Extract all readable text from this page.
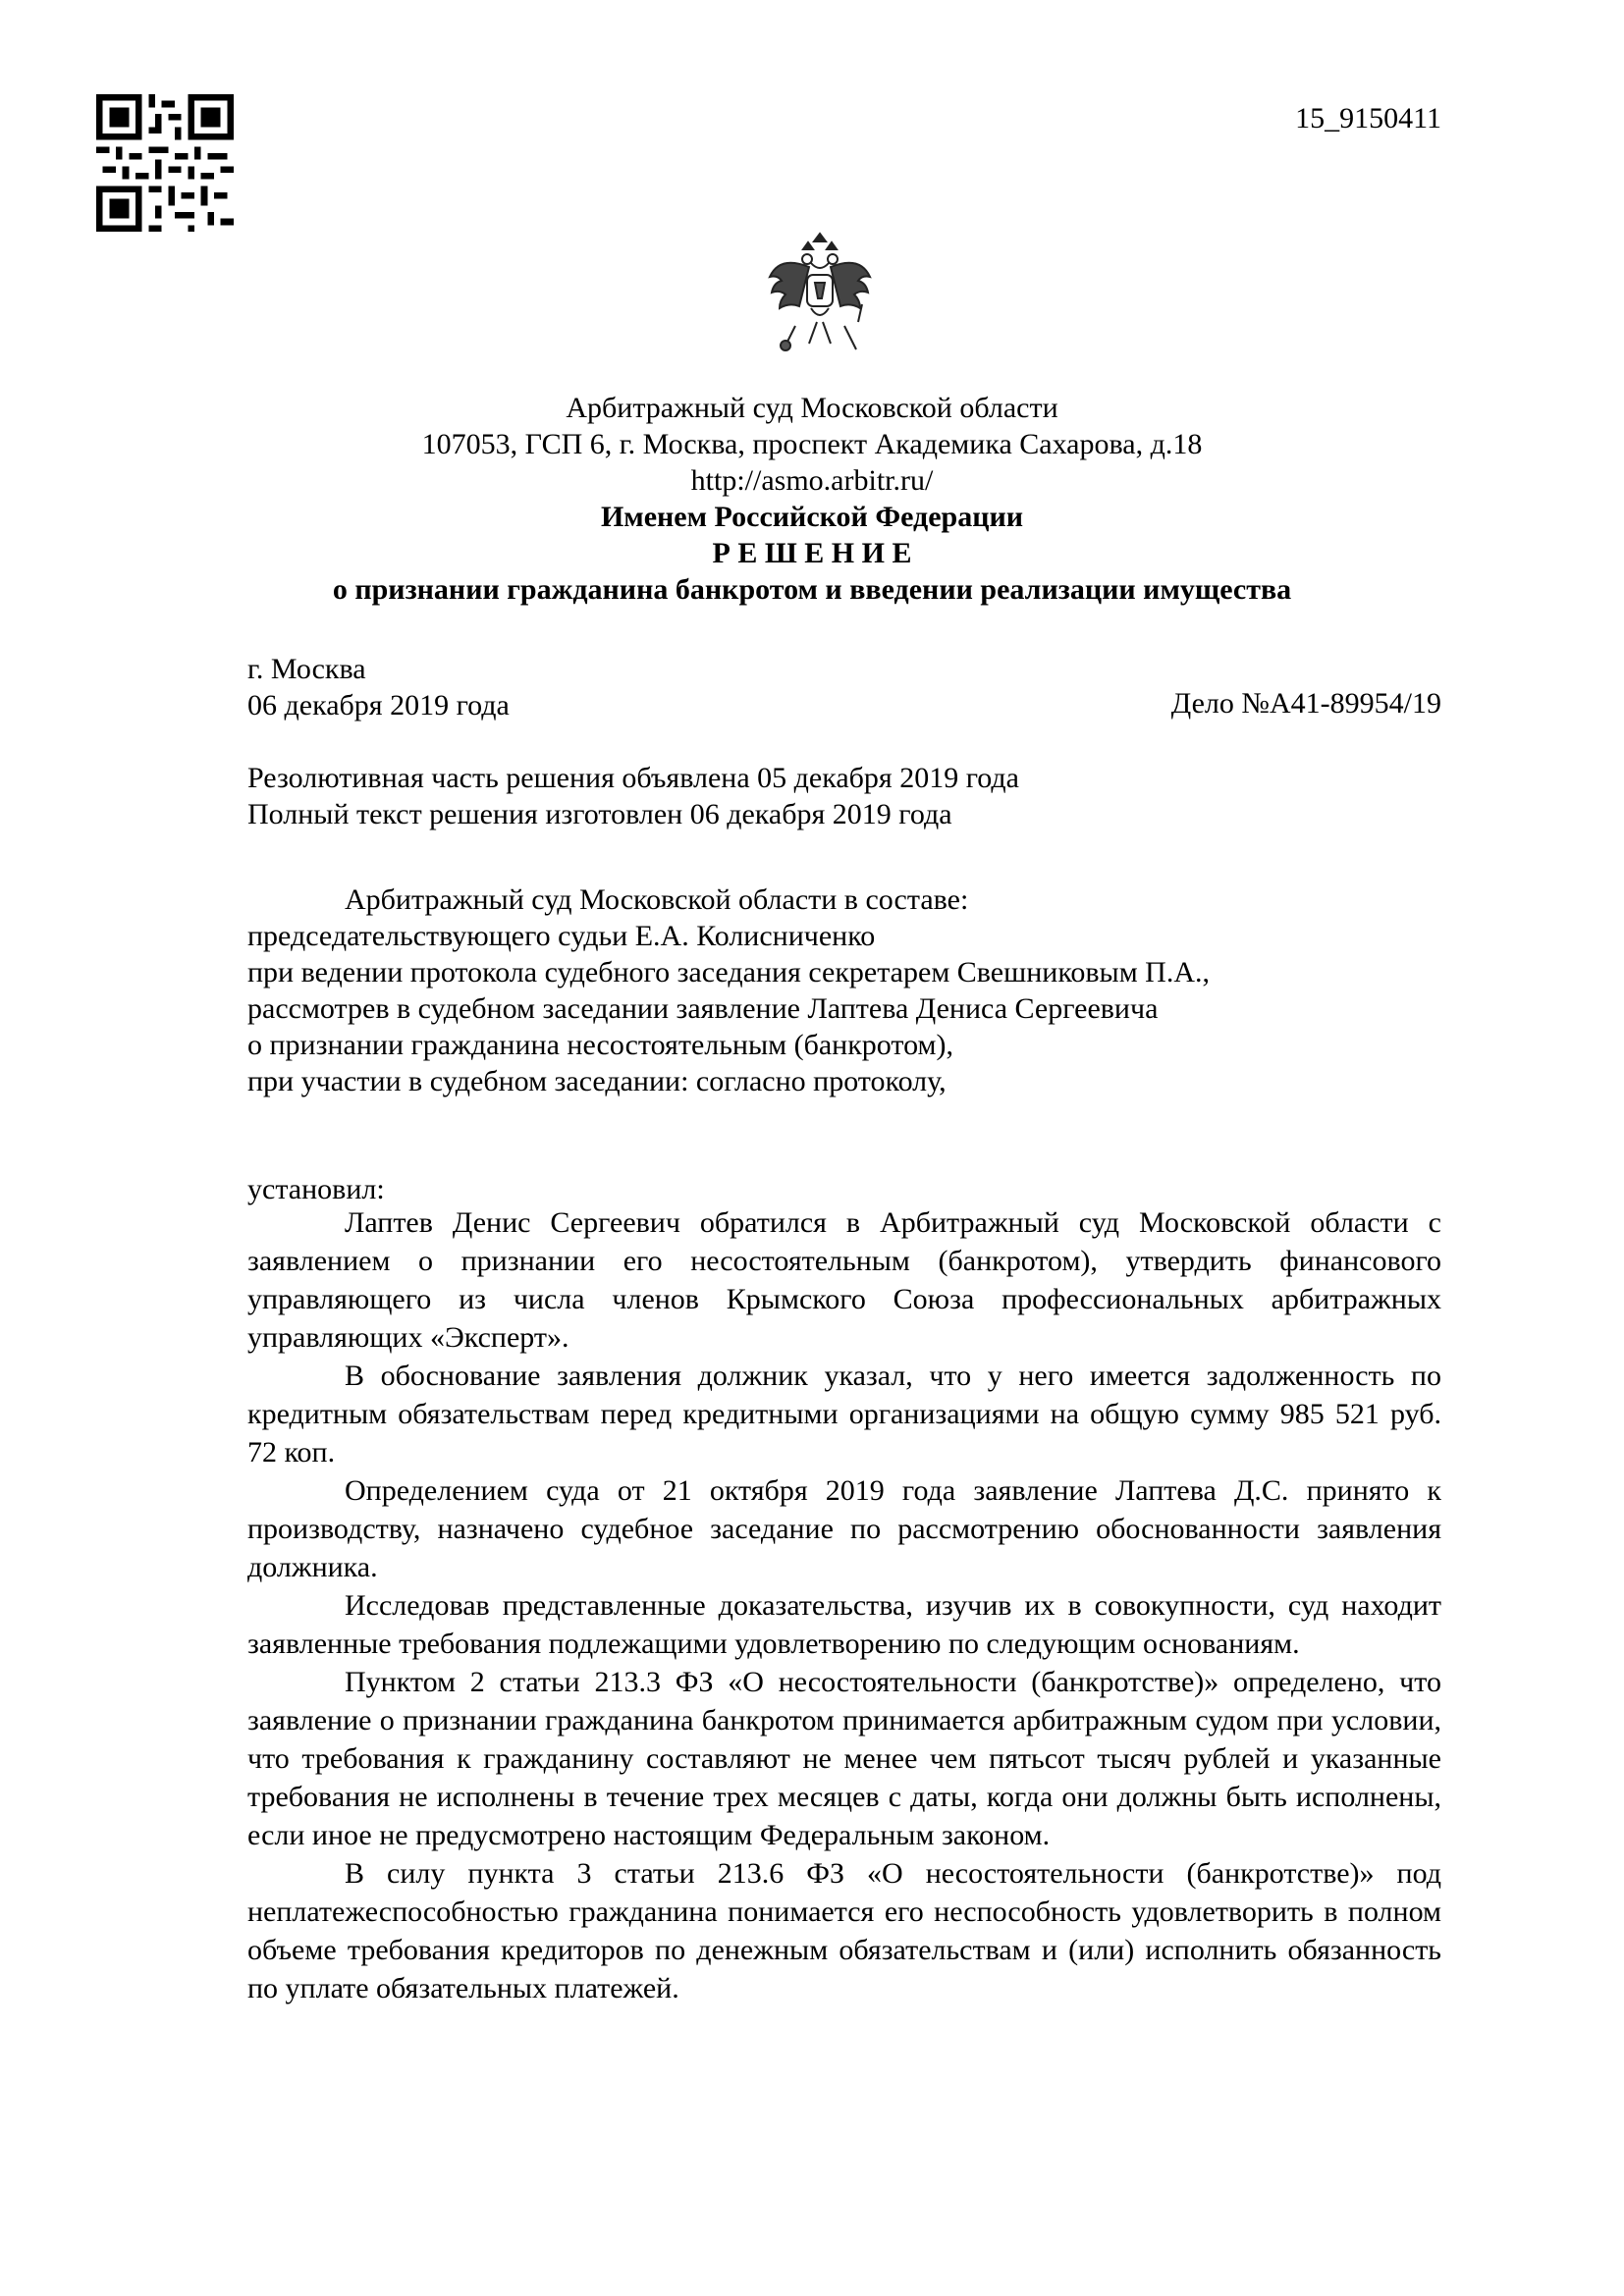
15_9150411
Арбитражный суд Московской области
107053, ГСП 6, г. Москва, проспект Академика Сахарова, д.18
http://asmo.arbitr.ru/
Именем Российской Федерации
Р Е Ш Е Н И Е
о признании гражданина банкротом и введении реализации имущества
г. Москва
06 декабря 2019 года	Дело №А41-89954/19
Резолютивная часть решения объявлена 05 декабря 2019 года
Полный текст решения изготовлен 06 декабря 2019 года
Арбитражный суд Московской области в составе:
председательствующего судьи Е.А. Колисниченко
при ведении протокола судебного заседания секретарем Свешниковым П.А.,
рассмотрев в судебном заседании заявление Лаптева Дениса Сергеевича
о признании гражданина несостоятельным (банкротом),
при участии в судебном заседании: согласно протоколу,
установил:

Лаптев Денис Сергеевич обратился в Арбитражный суд Московской области с заявлением о признании его несостоятельным (банкротом), утвердить финансового управляющего из числа членов Крымского Союза профессиональных арбитражных управляющих «Эксперт».

В обоснование заявления должник указал, что у него имеется задолженность по кредитным обязательствам перед кредитными организациями на общую сумму 985 521 руб. 72 коп.

Определением суда от 21 октября 2019 года заявление Лаптева Д.С. принято к производству, назначено судебное заседание по рассмотрению обоснованности заявления должника.

Исследовав представленные доказательства, изучив их в совокупности, суд находит заявленные требования подлежащими удовлетворению по следующим основаниям.

Пунктом 2 статьи 213.3 ФЗ «О несостоятельности (банкротстве)» определено, что заявление о признании гражданина банкротом принимается арбитражным судом при условии, что требования к гражданину составляют не менее чем пятьсот тысяч рублей и указанные требования не исполнены в течение трех месяцев с даты, когда они должны быть исполнены, если иное не предусмотрено настоящим Федеральным законом.

В силу пункта 3 статьи 213.6 ФЗ «О несостоятельности (банкротстве)» под неплатежеспособностью гражданина понимается его неспособность удовлетворить в полном объеме требования кредиторов по денежным обязательствам и (или) исполнить обязанность по уплате обязательных платежей.
